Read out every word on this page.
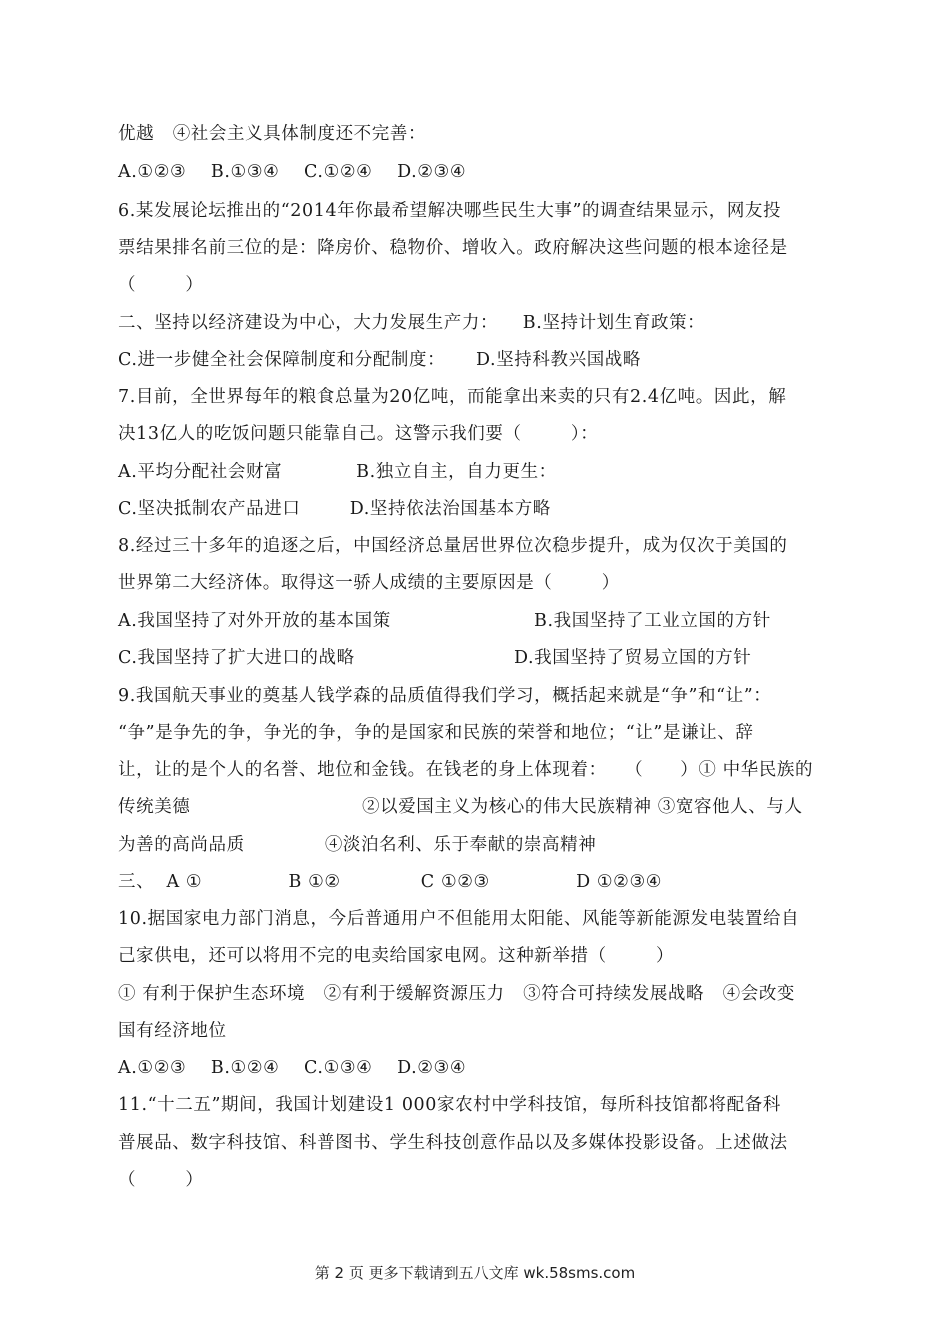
优越   ④社会主义具体制度还不完善：
A.①②③    B.①③④    C.①②④    D.②③④
6.某发展论坛推出的“2014年你最希望解决哪些民生大事”的调查结果显示，网友投
票结果排名前三位的是：降房价、稳物价、增收入。政府解决这些问题的根本途径是
（        ）
二、坚持以经济建设为中心，大力发展生产力：    B.坚持计划生育政策：
C.进一步健全社会保障制度和分配制度：     D.坚持科教兴国战略
7.目前，全世界每年的粮食总量为20亿吨，而能拿出来卖的只有2.4亿吨。因此，解
决13亿人的吃饭问题只能靠自己。这警示我们要（        ）：
A.平均分配社会财富            B.独立自主，自力更生：
C.坚决抵制农产品进口        D.坚持依法治国基本方略
8.经过三十多年的追逐之后，中国经济总量居世界位次稳步提升，成为仅次于美国的
世界第二大经济体。取得这一骄人成绩的主要原因是（        ）
A.我国坚持了对外开放的基本国策	B.我国坚持了工业立国的方针
C.我国坚持了扩大进口的战略	D.我国坚持了贸易立国的方针
9.我国航天事业的奠基人钱学森的品质值得我们学习，概括起来就是“争”和“让”：
“争”是争先的争，争光的争，争的是国家和民族的荣誉和地位；“让”是谦让、辞
让，让的是个人的名誉、地位和金钱。在钱老的身上体现着：   （      ）① 中华民族的
传统美德	②以爱国主义为核心的伟大民族精神 ③宽容他人、与人
为善的高尚品质             ④淡泊名利、乐于奉献的崇高精神
三、  A ①              B ①②             C ①②③              D ①②③④
10.据国家电力部门消息，今后普通用户不但能用太阳能、风能等新能源发电装置给自
己家供电，还可以将用不完的电卖给国家电网。这种新举措（        ）
① 有利于保护生态环境   ②有利于缓解资源压力   ③符合可持续发展战略   ④会改变
国有经济地位
A.①②③    B.①②④    C.①③④    D.②③④
11.“十二五”期间，我国计划建设1 000家农村中学科技馆，每所科技馆都将配备科
普展品、数字科技馆、科普图书、学生科技创意作品以及多媒体投影设备。上述做法
（        ）
第 2 页 更多下载请到五八文库 wk.58sms.com
